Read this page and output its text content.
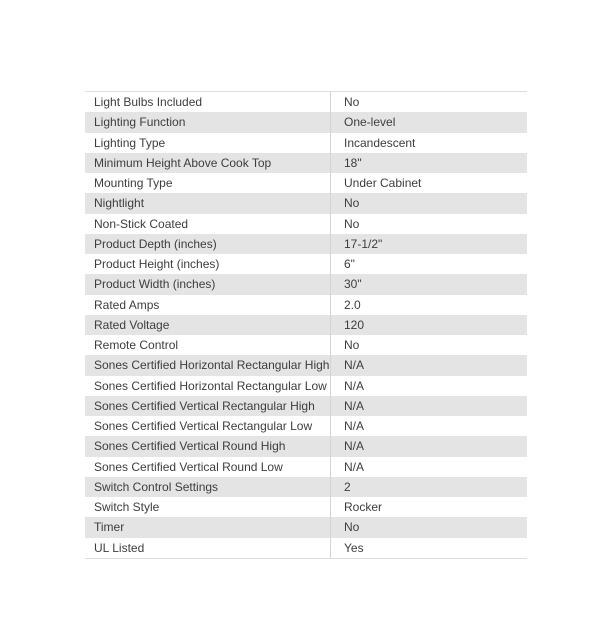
Light Bulbs Included	No
Lighting Function	One-level
Lighting Type	Incandescent
Minimum Height Above Cook Top	18"
Mounting Type	Under Cabinet
Nightlight	No
Non-Stick Coated	No
Product Depth (inches)	17-1/2"
Product Height (inches)	6"
Product Width (inches)	30"
Rated Amps	2.0
Rated Voltage	120
Remote Control	No
Sones Certified Horizontal Rectangular High	N/A
Sones Certified Horizontal Rectangular Low	N/A
Sones Certified Vertical Rectangular High	N/A
Sones Certified Vertical Rectangular Low	N/A
Sones Certified Vertical Round High	N/A
Sones Certified Vertical Round Low	N/A
Switch Control Settings	2
Switch Style	Rocker
Timer	No
UL Listed	Yes
